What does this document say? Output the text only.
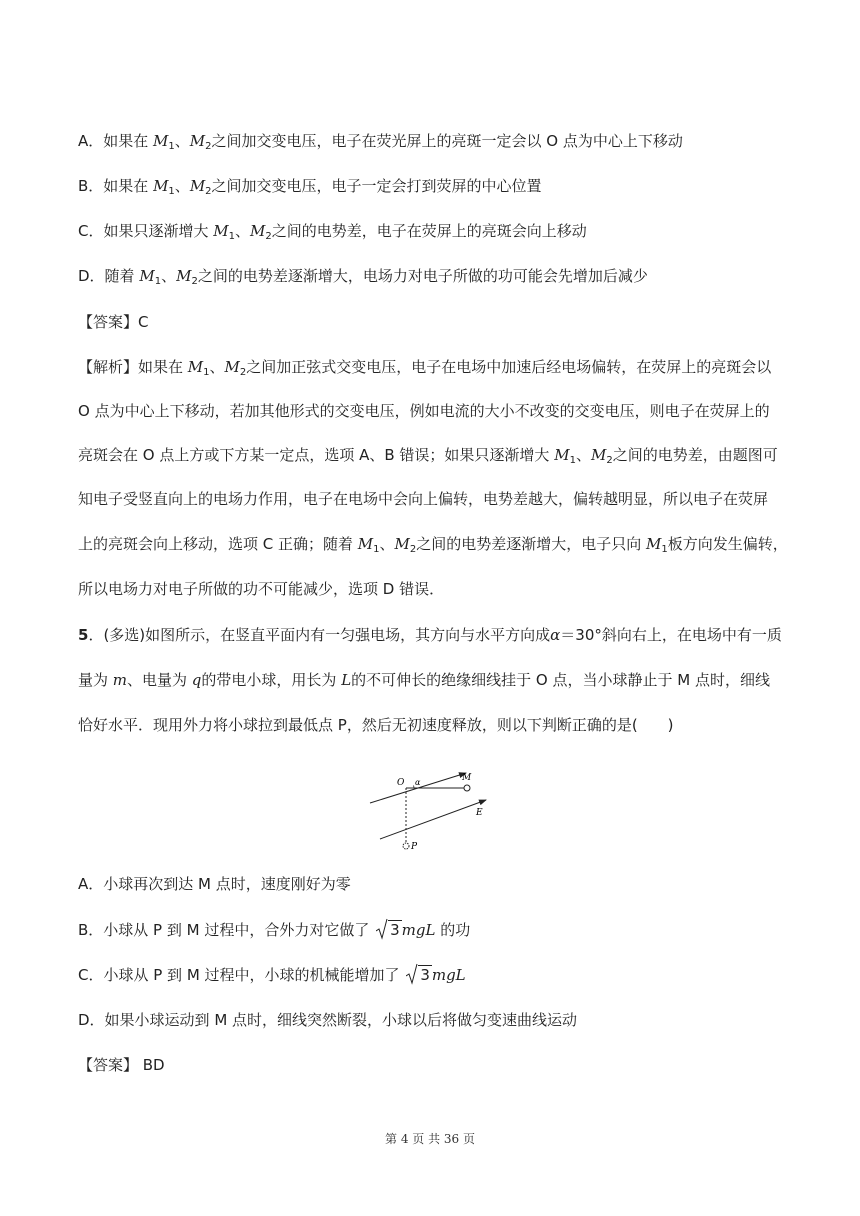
A．如果在 $M_1$、$M_2$之间加交变电压，电子在荧光屏上的亮斑一定会以 O 点为中心上下移动
B．如果在 $M_1$、$M_2$之间加交变电压，电子一定会打到荧屏的中心位置
C．如果只逐渐增大 $M_1$、$M_2$之间的电势差，电子在荧屏上的亮斑会向上移动
D．随着 $M_1$、$M_2$之间的电势差逐渐增大，电场力对电子所做的功可能会先增加后减少
【答案】C
【解析】如果在 $M_1$、$M_2$之间加正弦式交变电压，电子在电场中加速后经电场偏转，在荧屏上的亮斑会以
O 点为中心上下移动，若加其他形式的交变电压，例如电流的大小不改变的交变电压，则电子在荧屏上的
亮斑会在 O 点上方或下方某一定点，选项 A、B 错误；如果只逐渐增大 $M_1$、$M_2$之间的电势差，由题图可
知电子受竖直向上的电场力作用，电子在电场中会向上偏转，电势差越大，偏转越明显，所以电子在荧屏
上的亮斑会向上移动，选项 C 正确；随着 $M_1$、$M_2$之间的电势差逐渐增大，电子只向 $M_1$板方向发生偏转，
所以电场力对电子所做的功不可能减少，选项 D 错误．
5．(多选)如图所示，在竖直平面内有一匀强电场，其方向与水平方向成α＝30°斜向右上，在电场中有一质
量为 m、电量为 q的带电小球，用长为 L的不可伸长的绝缘细线挂于 O 点，当小球静止于 M 点时，细线
恰好水平．现用外力将小球拉到最低点 P，然后无初速度释放，则以下判断正确的是(　　)
O α	M
E
P
A．小球再次到达 M 点时，速度刚好为零
B．小球从 P 到 M 过程中，合外力对它做了
3 mgL 的功
C．小球从 P 到 M 过程中，小球的机械能增加了
3 mgL
D．如果小球运动到 M 点时，细线突然断裂，小球以后将做匀变速曲线运动
【答案】 BD
第 4 页 共 36 页
